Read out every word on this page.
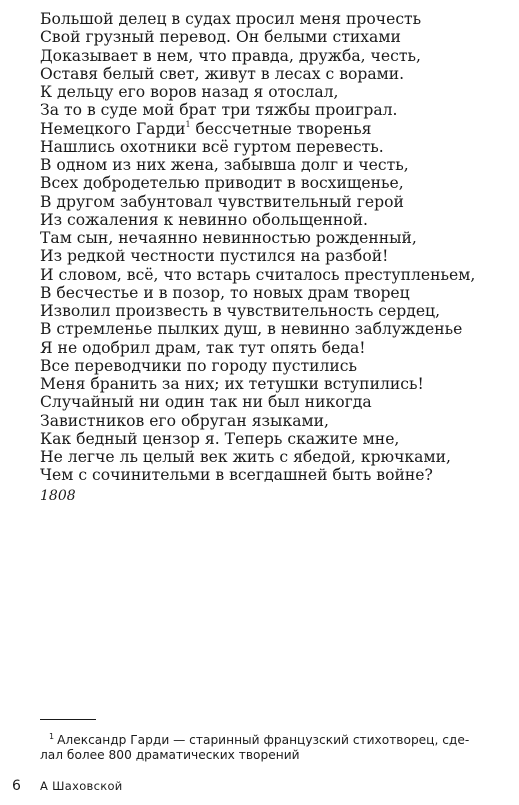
Большой делец в судах просил меня прочесть
Свой грузный перевод. Он белыми стихами
Доказывает в нем, что правда, дружба, честь,
Оставя белый свет, живут в лесах с ворами.
К дельцу его воров назад я отослал,
За то в суде мой брат три тяжбы проиграл.
Немецкого Гарди$^1$ бессчетные творенья
Нашлись охотники всё гуртом перевесть.
В одном из них жена, забывша долг и честь,
Всех добродетелью приводит в восхищенье,
В другом забунтовал чувствительный герой
Из сожаления к невинно обольщенной.
Там сын, нечаянно невинностью рожденный,
Из редкой честности пустился на разбой!
И словом, всё, что встарь считалось преступленьем,
В бесчестье и в позор, то новых драм творец
Изволил произвесть в чувствительность сердец,
В стремленье пылких душ, в невинно заблужденье
Я не одобрил драм, так тут опять беда!
Все переводчики по городу пустились
Меня бранить за них; их тетушки вступились!
Случайный ни один так ни был никогда
Завистников его обруган языками,
Как бедный цензор я. Теперь скажите мне,
Не легче ль целый век жить с ябедой, крючками,
Чем с сочинительми в всегдашней быть войне?
1808
$^1$ Александр Гарди — старинный французский стихотворец, сде-
лал более 800 драматических творений
6 А Шаховской
